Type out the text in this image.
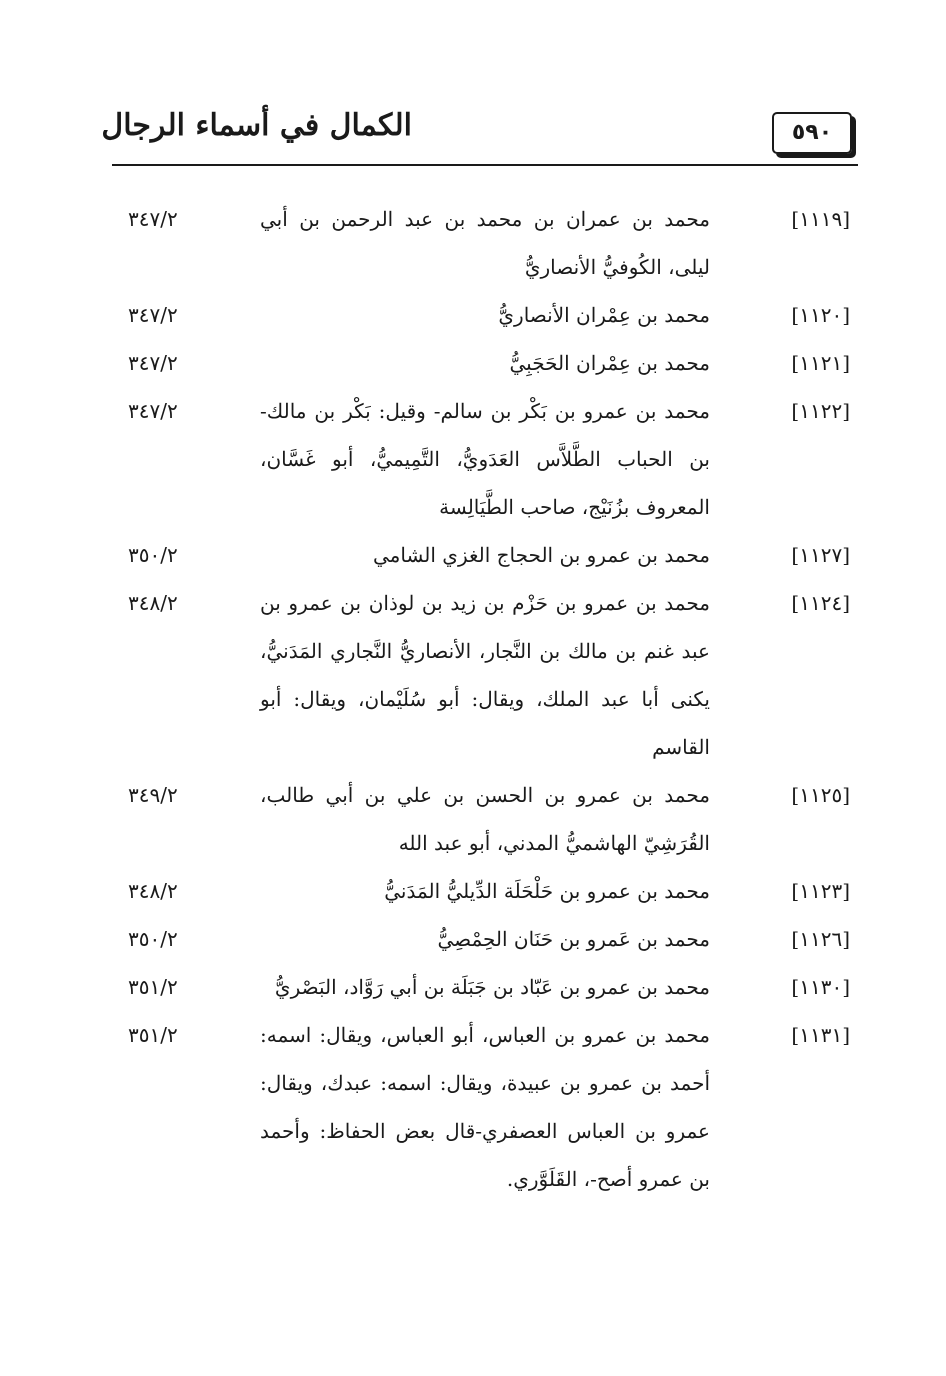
الكمال في أسماء الرجال	٥٩٠
[١١١٩]
محمد بن عمران بن محمد بن عبد الرحمن بن أبي ليلى، الكُوفيُّ الأنصاريُّ
٣٤٧/٢
[١١٢٠]
محمد بن عِمْران الأنصاريُّ
٣٤٧/٢
[١١٢١]
محمد بن عِمْران الحَجَبِيُّ
٣٤٧/٢
[١١٢٢]
محمد بن عمرو بن بَكْر بن سالم- وقيل: بَكْر بن مالك- بن الحباب الطَّلاَّس العَدَويُّ، التَّمِيميُّ، أبو غَسَّان، المعروف بزُنَيْج، صاحب الطَّيَالِسة
٣٤٧/٢
[١١٢٧]
محمد بن عمرو بن الحجاج الغزي الشامي
٣٥٠/٢
[١١٢٤]
محمد بن عمرو بن حَزْم بن زيد بن لوذان بن عمرو بن عبد غنم بن مالك بن النَّجار، الأنصاريُّ النَّجاري المَدَنيُّ، يكنى أبا عبد الملك، ويقال: أبو سُلَيْمان، ويقال: أبو القاسم
٣٤٨/٢
[١١٢٥]
محمد بن عمرو بن الحسن بن علي بن أبي طالب، القُرَشِيّ الهاشميُّ المدني، أبو عبد الله
٣٤٩/٢
[١١٢٣]
محمد بن عمرو بن حَلْحَلَة الدِّيليُّ المَدَنيُّ
٣٤٨/٢
[١١٢٦]
محمد بن عَمرو بن حَنَان الحِمْصِيُّ
٣٥٠/٢
[١١٣٠]
محمد بن عمرو بن عَبّاد بن جَبَلَة بن أبي رَوَّاد، البَصْريُّ
٣٥١/٢
[١١٣١]
محمد بن عمرو بن العباس، أبو العباس، ويقال: اسمه: أحمد بن عمرو بن عبيدة، ويقال: اسمه: عبدك، ويقال: عمرو بن العباس العصفري-قال بعض الحفاظ: وأحمد بن عمرو أصح-، القَلَوَّري.
٣٥١/٢
